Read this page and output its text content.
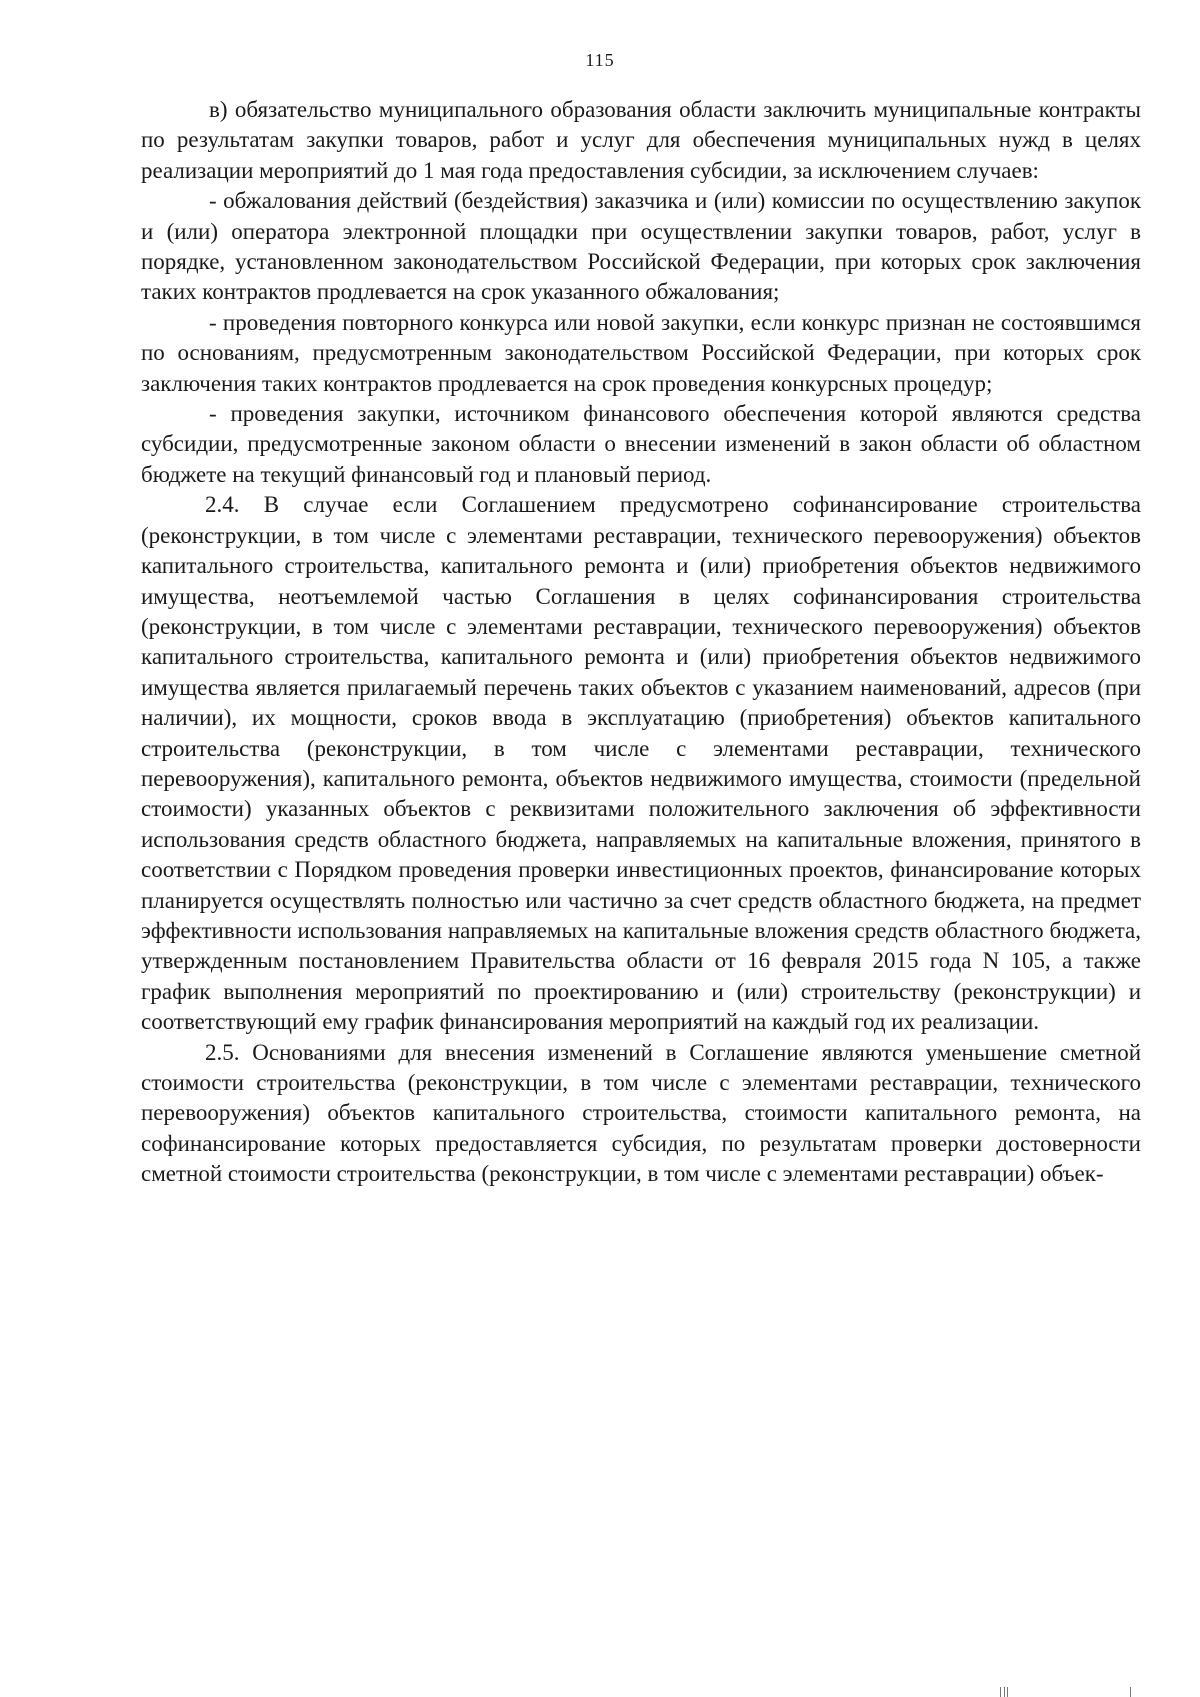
115

в) обязательство муниципального образования области заключить муниципальные контракты по результатам закупки товаров, работ и услуг для обеспечения муниципальных нужд в целях реализации мероприятий до 1 мая года предоставления субсидии, за исключением случаев:

- обжалования действий (бездействия) заказчика и (или) комиссии по осуществлению закупок и (или) оператора электронной площадки при осуществлении закупки товаров, работ, услуг в порядке, установленном законодательством Российской Федерации, при которых срок заключения таких контрактов продлевается на срок указанного обжалования;

- проведения повторного конкурса или новой закупки, если конкурс признан не состоявшимся по основаниям, предусмотренным законодательством Российской Федерации, при которых срок заключения таких контрактов продлевается на срок проведения конкурсных процедур;

- проведения закупки, источником финансового обеспечения которой являются средства субсидии, предусмотренные законом области о внесении изменений в закон области об областном бюджете на текущий финансовый год и плановый период.

2.4. В случае если Соглашением предусмотрено софинансирование строительства (реконструкции, в том числе с элементами реставрации, технического перевооружения) объектов капитального строительства, капитального ремонта и (или) приобретения объектов недвижимого имущества, неотъемлемой частью Соглашения в целях софинансирования строительства (реконструкции, в том числе с элементами реставрации, технического перевооружения) объектов капитального строительства, капитального ремонта и (или) приобретения объектов недвижимого имущества является прилагаемый перечень таких объектов с указанием наименований, адресов (при наличии), их мощности, сроков ввода в эксплуатацию (приобретения) объектов капитального строительства (реконструкции, в том числе с элементами реставрации, технического перевооружения), капитального ремонта, объектов недвижимого имущества, стоимости (предельной стоимости) указанных объектов с реквизитами положительного заключения об эффективности использования средств областного бюджета, направляемых на капитальные вложения, принятого в соответствии с Порядком проведения проверки инвестиционных проектов, финансирование которых планируется осуществлять полностью или частично за счет средств областного бюджета, на предмет эффективности использования направляемых на капитальные вложения средств областного бюджета, утвержденным постановлением Правительства области от 16 февраля 2015 года N 105, а также график выполнения мероприятий по проектированию и (или) строительству (реконструкции) и соответствующий ему график финансирования мероприятий на каждый год их реализации.

2.5. Основаниями для внесения изменений в Соглашение являются уменьшение сметной стоимости строительства (реконструкции, в том числе с элементами реставрации, технического перевооружения) объектов капитального строительства, стоимости капитального ремонта, на софинансирование которых предоставляется субсидия, по результатам проверки достоверности сметной стоимости строительства (реконструкции, в том числе с элементами реставрации) объек-
